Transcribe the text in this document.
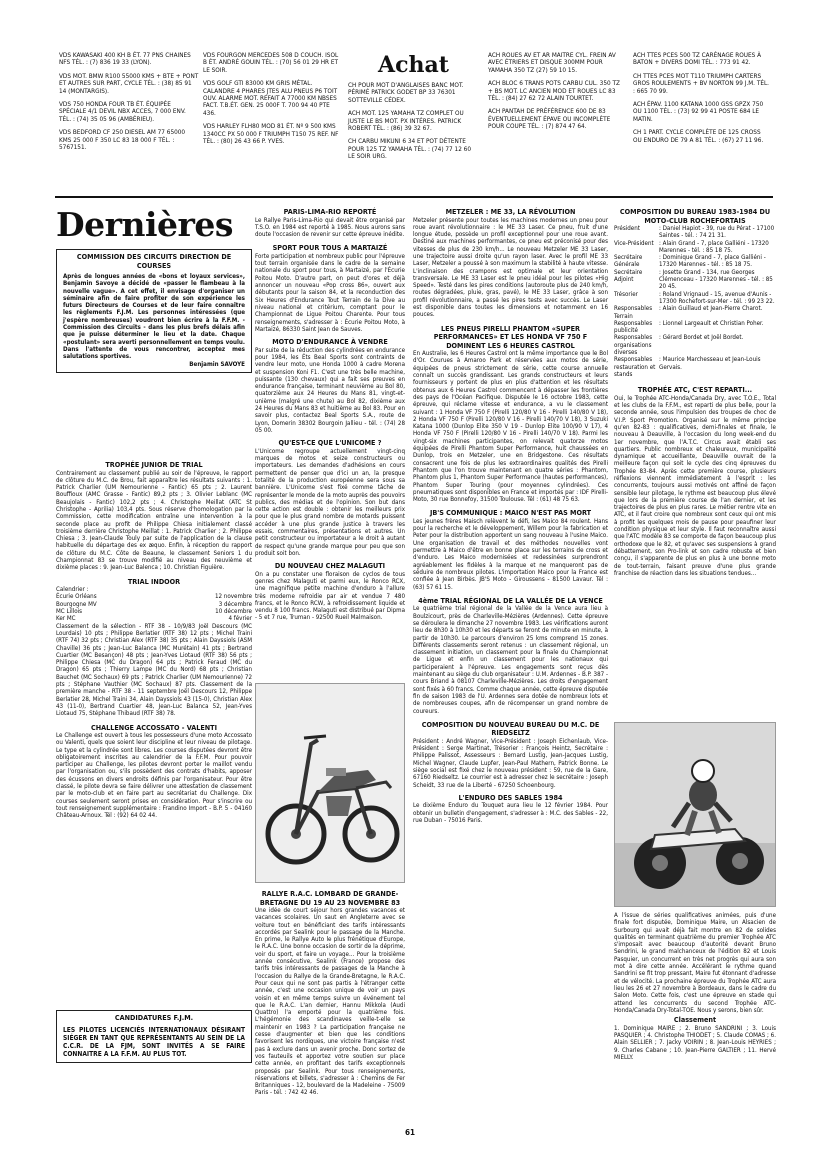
VDS KAWASAKI 400 KH B ÉT. 77 PNS CHAINES NFS TÉL. : (7) 836 19 33 (LYON).

VDS MOT. BMW R100 55000 KMS + BTE + PONT ET AUTRES SUR PART, CYCLE TÉL. : (38) 85 91 14 (MONTARGIS).

VDS 750 HONDA FOUR TB ÉT. ÉQUIPÉE SPÉCIALE 4/1 DEVIL NBX ACCES, 7 000 ENV. TÉL. : (74) 35 05 96 (AMBÉRIEU).

VDS BEDFORD CF 250 DIESEL AM 77 65000 KMS 25 000 F 350 LC 83 18 000 F TÉL. : 5767151.

VDS FOURGON MERCEDES 508 D COUCH. ISOL B ÉT. ANDRÉ GOUIN TÉL. : (70) 56 01 29 HR ET LE SOIR.

VDS GOLF GTI 83000 KM GRIS MÉTAL. CALANDRE 4 PHARES JTES ALU PNEUS P6 TOIT OUV. ALARME MOT. REFAIT A 77000 KM NBSES FACT. T.B.ÉT. GEN. 25 000F T. 700 94 40 PTE 436.

VDS HARLEY FLH80 MOD 81 ÉT. Nº 9 500 KMS 1340CC PX 50 000 F TRIUMPH T150 75 REF. NF TÉL. : (80) 26 43 66 P. YVES.

Achat

CH POUR MOT D'ANGLAISES BANC MOT. PÉRIMÉ PATRICK GODET BP 33 76301 SOTTEVILLE CÉDEX.

ACH MOT. 125 YAMAHA TZ COMPLET OU JUSTE LE BS MOT. PX INTÉRES. PATRICK ROBERT TÉL. : (86) 39 32 67.

CH CARBU MIKUNI 6 34 ET POT DÉTENTE POUR 125 TZ YAMAHA TÉL. : (74) 77 12 60 LE SOIR URG.

ACH ROUES AV ET AR MAITRE CYL. FREIN AV AVEC ÉTRIERS ET DISQUE 300MM POUR YAMAHA 350 TZ (27) 59 10 15.

ACH BLOC 6 TRANS POTS CARBU CUL. 350 TZ + BS MOT. LC ANCIEN MOD ET ROUES LC 83 TÉL. : (84) 27 62 72 ALAIN TOURTET.

ACH PANTAH DE PRÉFÉRENCE 600 DE 83 ÉVENTUELLEMENT ÉPAVE OU INCOMPLÈTE POUR COUPE TÉL. : (7) 874 47 64.

ACH TTES PCES 500 TZ CARÉNAGE ROUES À BATON + DIVERS DOMI TÉL. : 773 91 42.

CH TTES PCES MOT T110 TRIUMPH CARTERS GROS ROULEMENTS + BV NORTON 99 J.M. TÉL. : 665 70 99.

ACH ÉPAV. 1100 KATANA 1000 GSS GPZX 750 OU 1100 TÉL. : (73) 92 99 41 POSTE 684 LE MATIN.

CH 1 PART. CYCLE COMPLÈTE DE 125 CROSS OU ENDURO DE 79 A 81 TÉL. : (67) 27 11 96.

Dernières
COMMISSION DES CIRCUITS DIRECTION DE COURSES

Après de longues années de «bons et loyaux services», Benjamin Savoye a décidé de «passer le flambeau à la nouvelle vague». A cet effet, il envisage d'organiser un séminaire afin de faire profiter de son expérience les futurs Directeurs de Courses et de leur faire connaître les règlements F.J.M. Les personnes intéressées (que j'espère nombreuses) voudront bien écrire à la F.F.M. - Commission des Circuits - dans les plus brefs délais afin que je puisse déterminer le lieu et la date. Chaque «postulant» sera averti personnellement en temps voulu. Dans l'attente de vous rencontrer, acceptez mes salutations sportives.

Benjamin SAVOYE

TROPHÉE JUNIOR DE TRIAL

Contrairement au classement publié au soir de l'épreuve, le rapport de clôture du M.C. de Brou, fait apparaître les résultats suivants : 1. Patrick Charlier (UM Nemourienne - Fantic) 65 pts ; 2. Laurent Bouffioux (AMC Grasse - Fantic) 89,2 pts ; 3. Olivier Leblanc (MC Beaujolais - Fantic) 102,2 pts ; 4. Christophe Meillat (ATC St Christophe - Aprilia) 103,4 pts. Sous réserve d'homologation par la Commission, cette modification entraîne une intervention à la seconde place au profit de Philippe Chiesa initialement classé troisième derrière Christophe Meillat : 1. Patrick Charlier ; 2. Philippe Chiesa ; 3. Jean-Claude Touly par suite de l'application de la clause habituelle du départage des ex æquo. Enfin, à réception du rapport de clôture du M.C. Côte de Beaune, le classement Seniors 1 du Championnat 83 se trouve modifié au niveau des neuvième et dixième places : 9. Jean-Luc Balenca ; 10. Christian Figuière.

TRIAL INDOOR

Calendrier :

Écurie Orléans	12 novembre
Bourgogne MV	3 décembre
MC Lillois	10 décembre
Ker MC	4 février

Classement de la sélection - RTF 38 - 10/9/83 Joël Descours (MC Lourdais) 10 pts ; Philippe Berlatier (RTF 38) 12 pts ; Michel Traini (RTF 74) 32 pts ; Christian Alex (RTF 38) 35 pts ; Alain Dayssiols (ASM Chaville) 36 pts ; Jean-Luc Balanca (MC Murétain) 41 pts ; Bertrand Cuartier (MC Besançon) 48 pts ; Jean-Yves Liotaud (RTF 38) 56 pts ; Philippe Chiesa (MC du Dragon) 64 pts ; Patrick Feraud (MC du Dragon) 65 pts ; Thierry Lampe (MC du Nord) 68 pts ; Christian Bauchet (MC Sochaux) 69 pts ; Patrick Charlier (UM Nemourienne) 72 pts ; Stéphane Vauthier (MC Sochaux) 87 pts. Classement de la première manche - RTF 38 - 11 septembre Joël Descours 12, Philippe Berlatier 28, Michel Traini 34, Alain Dayssiols 43 (15-0), Christian Alex 43 (11-0), Bertrand Cuartier 48, Jean-Luc Balanca 52, Jean-Yves Liotaud 75, Stéphane Thibaud (RTF 38) 78.

CHALLENGE ACCOSSATO - VALENTI

Le Challenge est ouvert à tous les possesseurs d'une moto Accossato ou Valenti, quels que soient leur discipline et leur niveau de pilotage. Le type et la cylindrée sont libres. Les courses disputées devront être obligatoirement inscrites au calendrier de la F.F.M. Pour pouvoir participer au Challenge, les pilotes devront porter le maillot vendu par l'organisation ou, s'ils possèdent des contrats d'habits, apposer des écussons en divers endroits définis par l'organisateur. Pour être classé, le pilote devra se faire délivrer une attestation de classement par le moto-club et en faire part au secrétariat du Challenge. Dix courses seulement seront prises en considération. Pour s'inscrire ou tout renseignement supplémentaire : Frandino Import - B.P. 5 - 04160 Château-Arnoux. Tél : (92) 64 02 44.

CANDIDATURES F.J.M.

LES PILOTES LICENCIÉS INTERNATIONAUX DÉSIRANT SIÉGER EN TANT QUE REPRÉSENTANTS AU SEIN DE LA C.C.R. DE LA FJM, SONT INVITÉS A SE FAIRE CONNAITRE A LA F.F.M. AU PLUS TOT.

PARIS-LIMA-RIO REPORTÉ

Le Rallye Paris-Lima-Rio qui devait être organisé par T.S.O. en 1984 est reporté à 1985. Nous aurons sans doute l'occasion de revenir sur cette épreuve inédite.

SPORT POUR TOUS A MARTAIZÉ

Forte participation et nombreux public pour l'épreuve tout terrain organisée dans le cadre de la semaine nationale du sport pour tous, à Martaizé, par l'Écurie Poitou Moto. D'autre part, on peut d'ores et déjà annoncer un nouveau «Pop cross 86», ouvert aux débutants pour la saison 84, et la reconduction des Six Heures d'Endurance Tout Terrain de la Dive au niveau national et critérium, comptant pour le Championnat de Ligue Poitou Charente. Pour tous renseignements, s'adresser à : Écurie Poitou Moto, à Martaizé, 86330 Saint Jean de Sauves.

MOTO D'ENDURANCE À VENDRE

Par suite de la réduction des cylindrées en endurance pour 1984, les Éts Beal Sports sont contraints de vendre leur moto, une Honda 1000 à cadre Morena et suspension Koni F1. C'est une très belle machine, puissante (130 chevaux) qui a fait ses preuves en endurance française, terminant neuvième au Bol 80, quatorzième aux 24 Heures du Mans 81, vingt-et-unième (malgré une chute) au Bol 82, dixième aux 24 Heures du Mans 83 et huitième au Bol 83. Pour en savoir plus, contactez Beal Sports S.A., route de Lyon, Domerin 38302 Bourgoin Jallieu - tél. : (74) 28 05 00.

QU'EST-CE QUE L'UNICOME ?

L'Unicome regroupe actuellement vingt-cinq marques de motos et seize constructeurs ou importateurs. Les demandes d'adhésions en cours permettent de penser que d'ici un an, la presque totalité de la production européenne sera sous sa bannière. L'Unicome s'est fixé comme tâche de représenter le monde de la moto auprès des pouvoirs publics, des médias et de l'opinion. Son but dans cette action est double : obtenir les meilleurs prix pour que le plus grand nombre de motards puissent accéder à une plus grande justice à travers les essais, commentaires, présentations et autres. Un petit constructeur ou importateur a le droit à autant de respect qu'une grande marque pour peu que son produit soit bon.

DU NOUVEAU CHEZ MALAGUTI

On a pu constater une floraison de cyclos de tous genres chez Malaguti et parmi eux, le Ronco RCX, une magnifique petite machine d'enduro à l'allure très moderne refroidie par air et vendue 7 480 francs, et le Ronco RCW, à refroidissement liquide et vendu 8 100 francs. Malaguti est distribué par Dipma - 5 et 7 rue, Truman - 92500 Rueil Malmaison.

RALLYE R.A.C. LOMBARD DE GRANDE-BRETAGNE DU 19 AU 23 NOVEMBRE 83

Une idée de court séjour hors grandes vacances et vacances scolaires. Un saut en Angleterre avec se voiture tout en bénéficiant des tarifs intéressants accordés par Sealink pour le passage de la Manche. En prime, le Rallye Auto le plus frénétique d'Europe, le R.A.C. Une bonne occasion de sortir de la déprime, voir du sport, et faire un voyage... Pour la troisième année consécutive, Sealink (France) propose des tarifs très intéressants de passages de la Manche à l'occasion du Rallye de la Grande-Bretagne, le R.A.C. Pour ceux qui ne sont pas partis à l'étranger cette année, c'est une occasion unique de voir un pays voisin et en même temps suivre un événement tel que le R.A.C. L'an dernier, Hannu Mikkola (Audi Quattro) l'a emporté pour la quatrième fois. L'hégémonie des scandinaves veille-t-elle se maintenir en 1983 ? La participation française ne cesse d'augmenter et bien que les conditions favorisent les nordiques, une victoire française n'est pas à exclure dans un avenir proche. Donc sortez de vos fauteuils et apportez votre soutien sur place cette année, en profitant des tarifs exceptionnels proposés par Sealink. Pour tous renseignements, réservations et billets, s'adresser à : Chemins de Fer Britanniques - 12, boulevard de la Madeleine - 75009 Paris - tél. : 742 42 46.

METZELER : ME 33, LA RÉVOLUTION

Metzeler présente pour toutes les machines modernes un pneu pour roue avant révolutionnaire : le ME 33 Laser. Ce pneu, fruit d'une longue étude, possède un profil exceptionnel pour une roue avant. Destiné aux machines performantes, ce pneu est préconisé pour des vitesses de plus de 230 km/h... Le nouveau Metzeler ME 33 Laser, une trajectoire aussi droite qu'un rayon laser. Avec le profil ME 33 Laser, Metzeler a poussé à son maximum la stabilité à haute vitesse. L'inclinaison des crampons est optimale et leur orientation transversale. Le ME 33 Laser est le pneu idéal pour les pilotes «Hig Speed». Testé dans les pires conditions (autoroute plus de 240 km/h, routes dégradées, pluie, gras, pavé), le ME 33 Laser, grâce à son profil révolutionnaire, a passé les pires tests avec succès. Le Laser est disponible dans toutes les dimensions et notamment en 16 pouces.

LES PNEUS PIRELLI PHANTOM «SUPER PERFORMANCES» ET LES HONDA VF 750 F DOMINENT LES 6 HEURES CASTROL

En Australie, les 6 Heures Castrol ont la même importance que le Bol d'Or. Courues à Amaroo Park et réservées aux motos de série, équipées de pneus strictement de série, cette course annuelle connaît un succès grandissant. Les grands constructeurs et leurs fournisseurs y portent de plus en plus d'attention et les résultats obtenus aux 6 Heures Castrol commencent à dépasser les frontières des pays de l'Océan Pacifique. Disputée le 16 octobre 1983, cette épreuve, qui réclame vitesse et endurance, a vu le classement suivant : 1 Honda VF 750 F (Pirelli 120/80 V 16 - Pirelli 140/80 V 18), 2 Honda VF 750 F (Pirelli 120/80 V 16 - Pirelli 140/70 V 18), 3 Suzuki Katana 1000 (Dunlop Elite 350 V 19 - Dunlop Elite 100/90 V 17), 4 Honda VF 750 F (Pirelli 120/80 V 16 - Pirelli 140/70 V 18). Parmi les vingt-six machines participantes, on relevait quatorze motos équipées de Pirelli Phantom Super Performance, huit chaussées en Dunlop, trois en Metzeler, une en Bridgestone. Ces résultats consacrent une fois de plus les extraordinaires qualités des Pirelli Phantom que l'on trouve maintenant en quatre séries : Phantom, Phantom plus 1, Phantom Super Performance (hautes performances), Phantom Super Touring (pour moyennes cylindrées). Ces pneumatiques sont disponibles en France et importés par : IDF Pirelli-Moto, 30 rue Bonnefoy, 31500 Toulouse. Tél : (61) 48 75 63.

JB'S COMMUNIQUE : MAICO N'EST PAS MORT

Les jeunes frères Maisch relèvent le défi, les Maico 84 roulent. Hans pour la recherche et le développement, Willem pour la fabrication et Peter pour la distribution apportent un sang nouveau à l'usine Maico. Une organisation de travail et des méthodes nouvelles vont permettre à Maico d'être en bonne place sur les terrains de cross et d'enduro. Les Maico modernisées et redessinées surprendront agréablement les fidèles à la marque et ne manqueront pas de séduire de nombreux pilotes. L'importation Maico pour la France est confiée à Jean Birbès. JB'S Moto - Giroussens - 81500 Lavaur. Tél : (63) 57 61 15.

4ème TRIAL RÉGIONAL DE LA VALLÉE DE LA VENCE

Le quatrième trial régional de la Vallée de la Vence aura lieu à Boulzicourt, près de Charleville-Mézières (Ardennes). Cette épreuve se déroulera le dimanche 27 novembre 1983. Les vérifications auront lieu de 8h30 à 10h30 et les départs se feront de minute en minute, à partir de 10h30. Le parcours d'environ 25 kms comprend 15 zones. Différents classements seront retenus : un classement régional, un classement initiation, un classement pour la finale du Championnat de Ligue et enfin un classement pour les nationaux qui participeraient à l'épreuve. Les engagements sont reçus dès maintenant au siège du club organisateur : U.M. Ardennes - B.P. 387 - cours Briand à 08107 Charleville-Mézières. Les droits d'engagement sont fixés à 60 francs. Comme chaque année, cette épreuve disputée fin de saison 1983 de l'U. Ardennes sera dotée de nombreux lots et de nombreuses coupes, afin de récompenser un grand nombre de coureurs.

COMPOSITION DU NOUVEAU BUREAU DU M.C. DE RIEDSELTZ

Président : André Wagner, Vice-Président : Joseph Eichenlaub, Vice-Président : Serge Martinat, Trésorier : François Heintz, Secrétaire : Philippe Palissot, Assesseurs : Bernard Lustig, Jean-Jacques Lustig, Michel Wagner, Claude Lupfer, Jean-Paul Mathern, Patrick Bonne. Le siège social est fixé chez le nouveau président : 59, rue de la Gare, 67160 Riedseltz. Le courrier est à adresser chez le secrétaire : Joseph Scheidt, 33 rue de la Liberté - 67250 Schoenbourg.

L'ENDURO DES SABLES 1984

Le dixième Enduro du Touquet aura lieu le 12 février 1984. Pour obtenir un bulletin d'engagement, s'adresser à : M.C. des Sables - 22, rue Duban - 75016 Paris.

COMPOSITION DU BUREAU 1983-1984 DU MOTO-CLUB ROCHEFORTAIS
Président	: Daniel Hapiot - 39, rue du Pérat - 17100 Saintes - tél. : 74 21 31.
Vice-Président : Alain Grand - 7, place Galliéni - 17320 Marennes - tél. : 85 18 75.
Secrétaire Générale
: Dominique Grand - 7, place Galliéni - 17320 Marennes - tél. : 85 18 75.
Secrétaire Adjoint
: Josette Grand - 134, rue Georges Clémenceau - 17320 Marennes - tél. : 85 20 45.
Trésorier	: Roland Vrignaud - 15, avenue d'Aunis - 17300 Rochefort-sur-Mer - tél. : 99 23 22.
Responsables Terrain
: Alain Guillaud et Jean-Pierre Charot.
Responsables publicité
: Lionnel Largeault et Christian Poher.
Responsables organisations diverses
: Gérard Bordet et Joël Bordet.
Responsables restauration et stands
: Maurice Marchesseau et Jean-Louis Gervais.
TROPHÉE ATC, C'EST REPARTI...

Oui, le Trophée ATC-Honda/Canada Dry, avec T.O.E., Total et les clubs de la F.F.M., est reparti de plus belle, pour la seconde année, sous l'impulsion des troupes de choc de V.I.P. Sport Promotion. Organisé sur le même principe qu'en 82-83 : qualificatives, demi-finales et finale, le nouveau à Deauville, à l'occasion du long week-end du 1er novembre, que l'A.T.C. Circus avait établi ses quartiers. Public nombreux et chaleureux, municipalité dynamique et accueillante, Deauville ouvrait de la meilleure façon qui soit le cycle des cinq épreuves du Trophée 83-84. Après cette première course, plusieurs réflexions viennent immédiatement à l'esprit : les concurrents, toujours aussi motivés ont affiné de façon sensible leur pilotage, le rythme est beaucoup plus élevé que lors de la première course de l'an dernier, et les trajectoires de plus en plus rares. Le métier rentre vite en ATC, et il faut croire que nombreux sont ceux qui ont mis à profit les quelques mois de pause pour peaufiner leur condition physique et leur style. Il faut reconnaître aussi que l'ATC modèle 83 se comporte de façon beaucoup plus orthodoxe que le 82, et qu'avec ses suspensions à grand débattement, son Pro-link et son cadre robuste et bien conçu, il s'apparente de plus en plus à une bonne moto de tout-terrain, faisant preuve d'une plus grande franchise de réaction dans les situations tendues...

A l'issue de séries qualificatives animées, puis d'une finale fort disputée, Dominique Maire, un Alsacien de Surbourg qui avait déjà fait montre en 82 de solides qualités en terminant quatrième du premier Trophée ATC s'imposait avec beaucoup d'autorité devant Bruno Sendrini, le grand malchanceux de l'édition 82 et Louis Pasquier, un concurrent en très net progrès qui aura son mot à dire cette année. Accélérant le rythme quand Sandrini se fit trop pressant, Maire fut étonnant d'adresse et de vélocité. La prochaine épreuve du Trophée ATC aura lieu les 26 et 27 novembre à Bordeaux, dans le cadre du Salon Moto. Cette fois, c'est une épreuve en stade qui attend les concurrents du second Trophée ATC-Honda/Canada Dry-Total-TOE. Nous y serons, bien sûr.

Classement

1. Dominique MAIRE ; 2. Bruno SANDRINI ; 3. Louis PASQUIER ; 4. Christophe THIODET ; 5. Claude COMAS ; 6. Alain SELLIER ; 7. Jacky VOIRIN ; 8. Jean-Louis HEYRIES ; 9. Charles Cabane ; 10. Jean-Pierre GALTIER ; 11. Hervé MIELLY.

61
